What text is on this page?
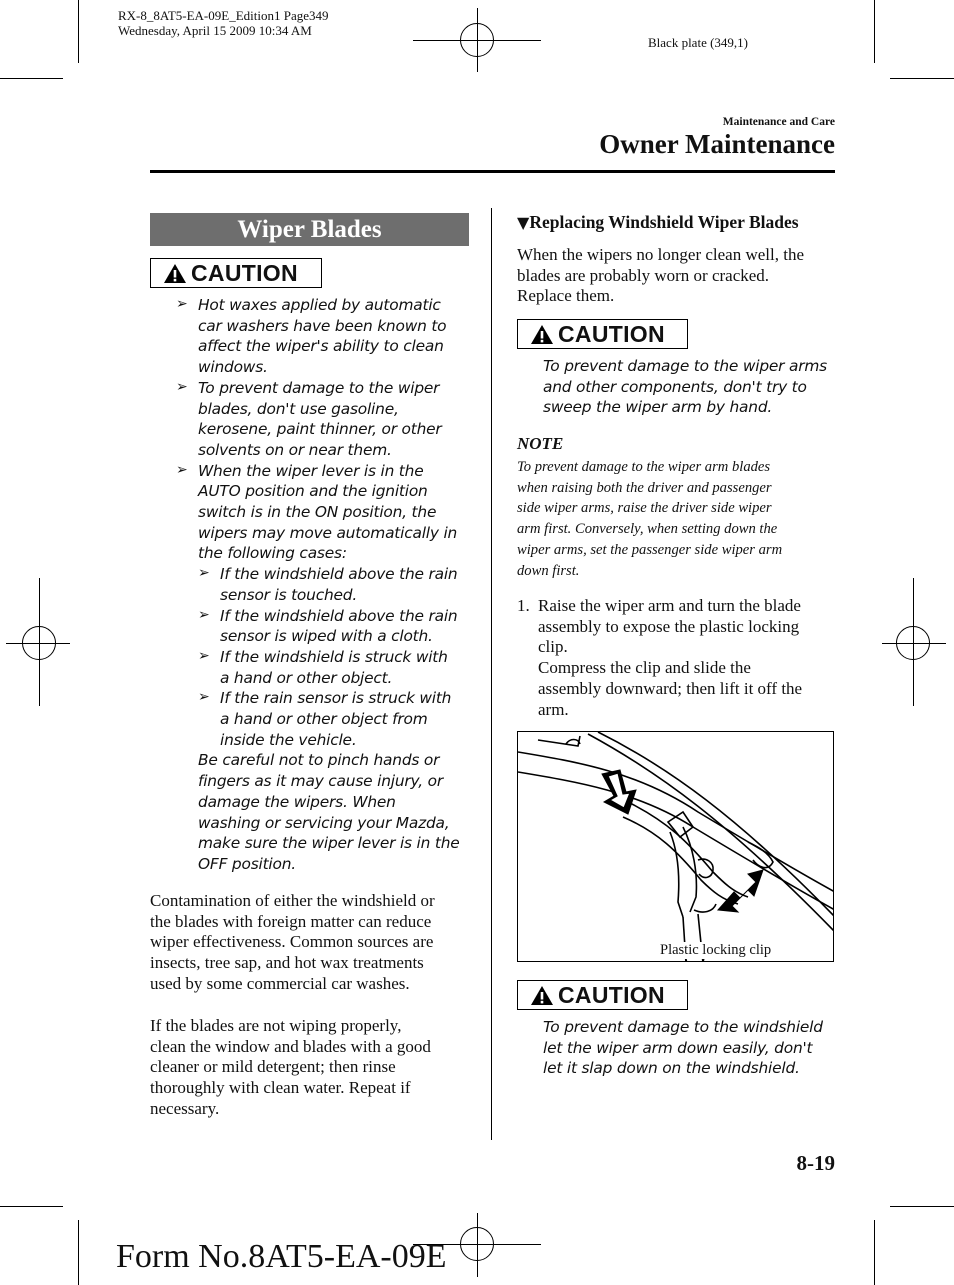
RX-8_8AT5-EA-09E_Edition1 Page349
Wednesday, April 15 2009 10:34 AM
Black plate (349,1)
Maintenance and Care
Owner Maintenance
Wiper Blades
CAUTION
➢ Hot waxes applied by automatic
car washers have been known to
affect the wiper's ability to clean
windows.
➢ To prevent damage to the wiper
blades, don't use gasoline,
kerosene, paint thinner, or other
solvents on or near them.
➢ When the wiper lever is in the
AUTO position and the ignition
switch is in the ON position, the
wipers may move automatically in
the following cases:
➢ If the windshield above the rain
sensor is touched.
➢ If the windshield above the rain
sensor is wiped with a cloth.
➢ If the windshield is struck with
a hand or other object.
➢ If the rain sensor is struck with
a hand or other object from
inside the vehicle.
Be careful not to pinch hands or
fingers as it may cause injury, or
damage the wipers. When
washing or servicing your Mazda,
make sure the wiper lever is in the
OFF position.
Contamination of either the windshield or
the blades with foreign matter can reduce
wiper effectiveness. Common sources are
insects, tree sap, and hot wax treatments
used by some commercial car washes.
If the blades are not wiping properly,
clean the window and blades with a good
cleaner or mild detergent; then rinse
thoroughly with clean water. Repeat if
necessary.
▼Replacing Windshield Wiper Blades
When the wipers no longer clean well, the
blades are probably worn or cracked.
Replace them.
CAUTION
To prevent damage to the wiper arms
and other components, don't try to
sweep the wiper arm by hand.
NOTE
To prevent damage to the wiper arm blades
when raising both the driver and passenger
side wiper arms, raise the driver side wiper
arm first. Conversely, when setting down the
wiper arms, set the passenger side wiper arm
down first.
1. Raise the wiper arm and turn the blade
assembly to expose the plastic locking
clip.
Compress the clip and slide the
assembly downward; then lift it off the
arm.
Plastic locking clip
CAUTION
To prevent damage to the windshield
let the wiper arm down easily, don't
let it slap down on the windshield.
8-19
Form No.8AT5-EA-09E
